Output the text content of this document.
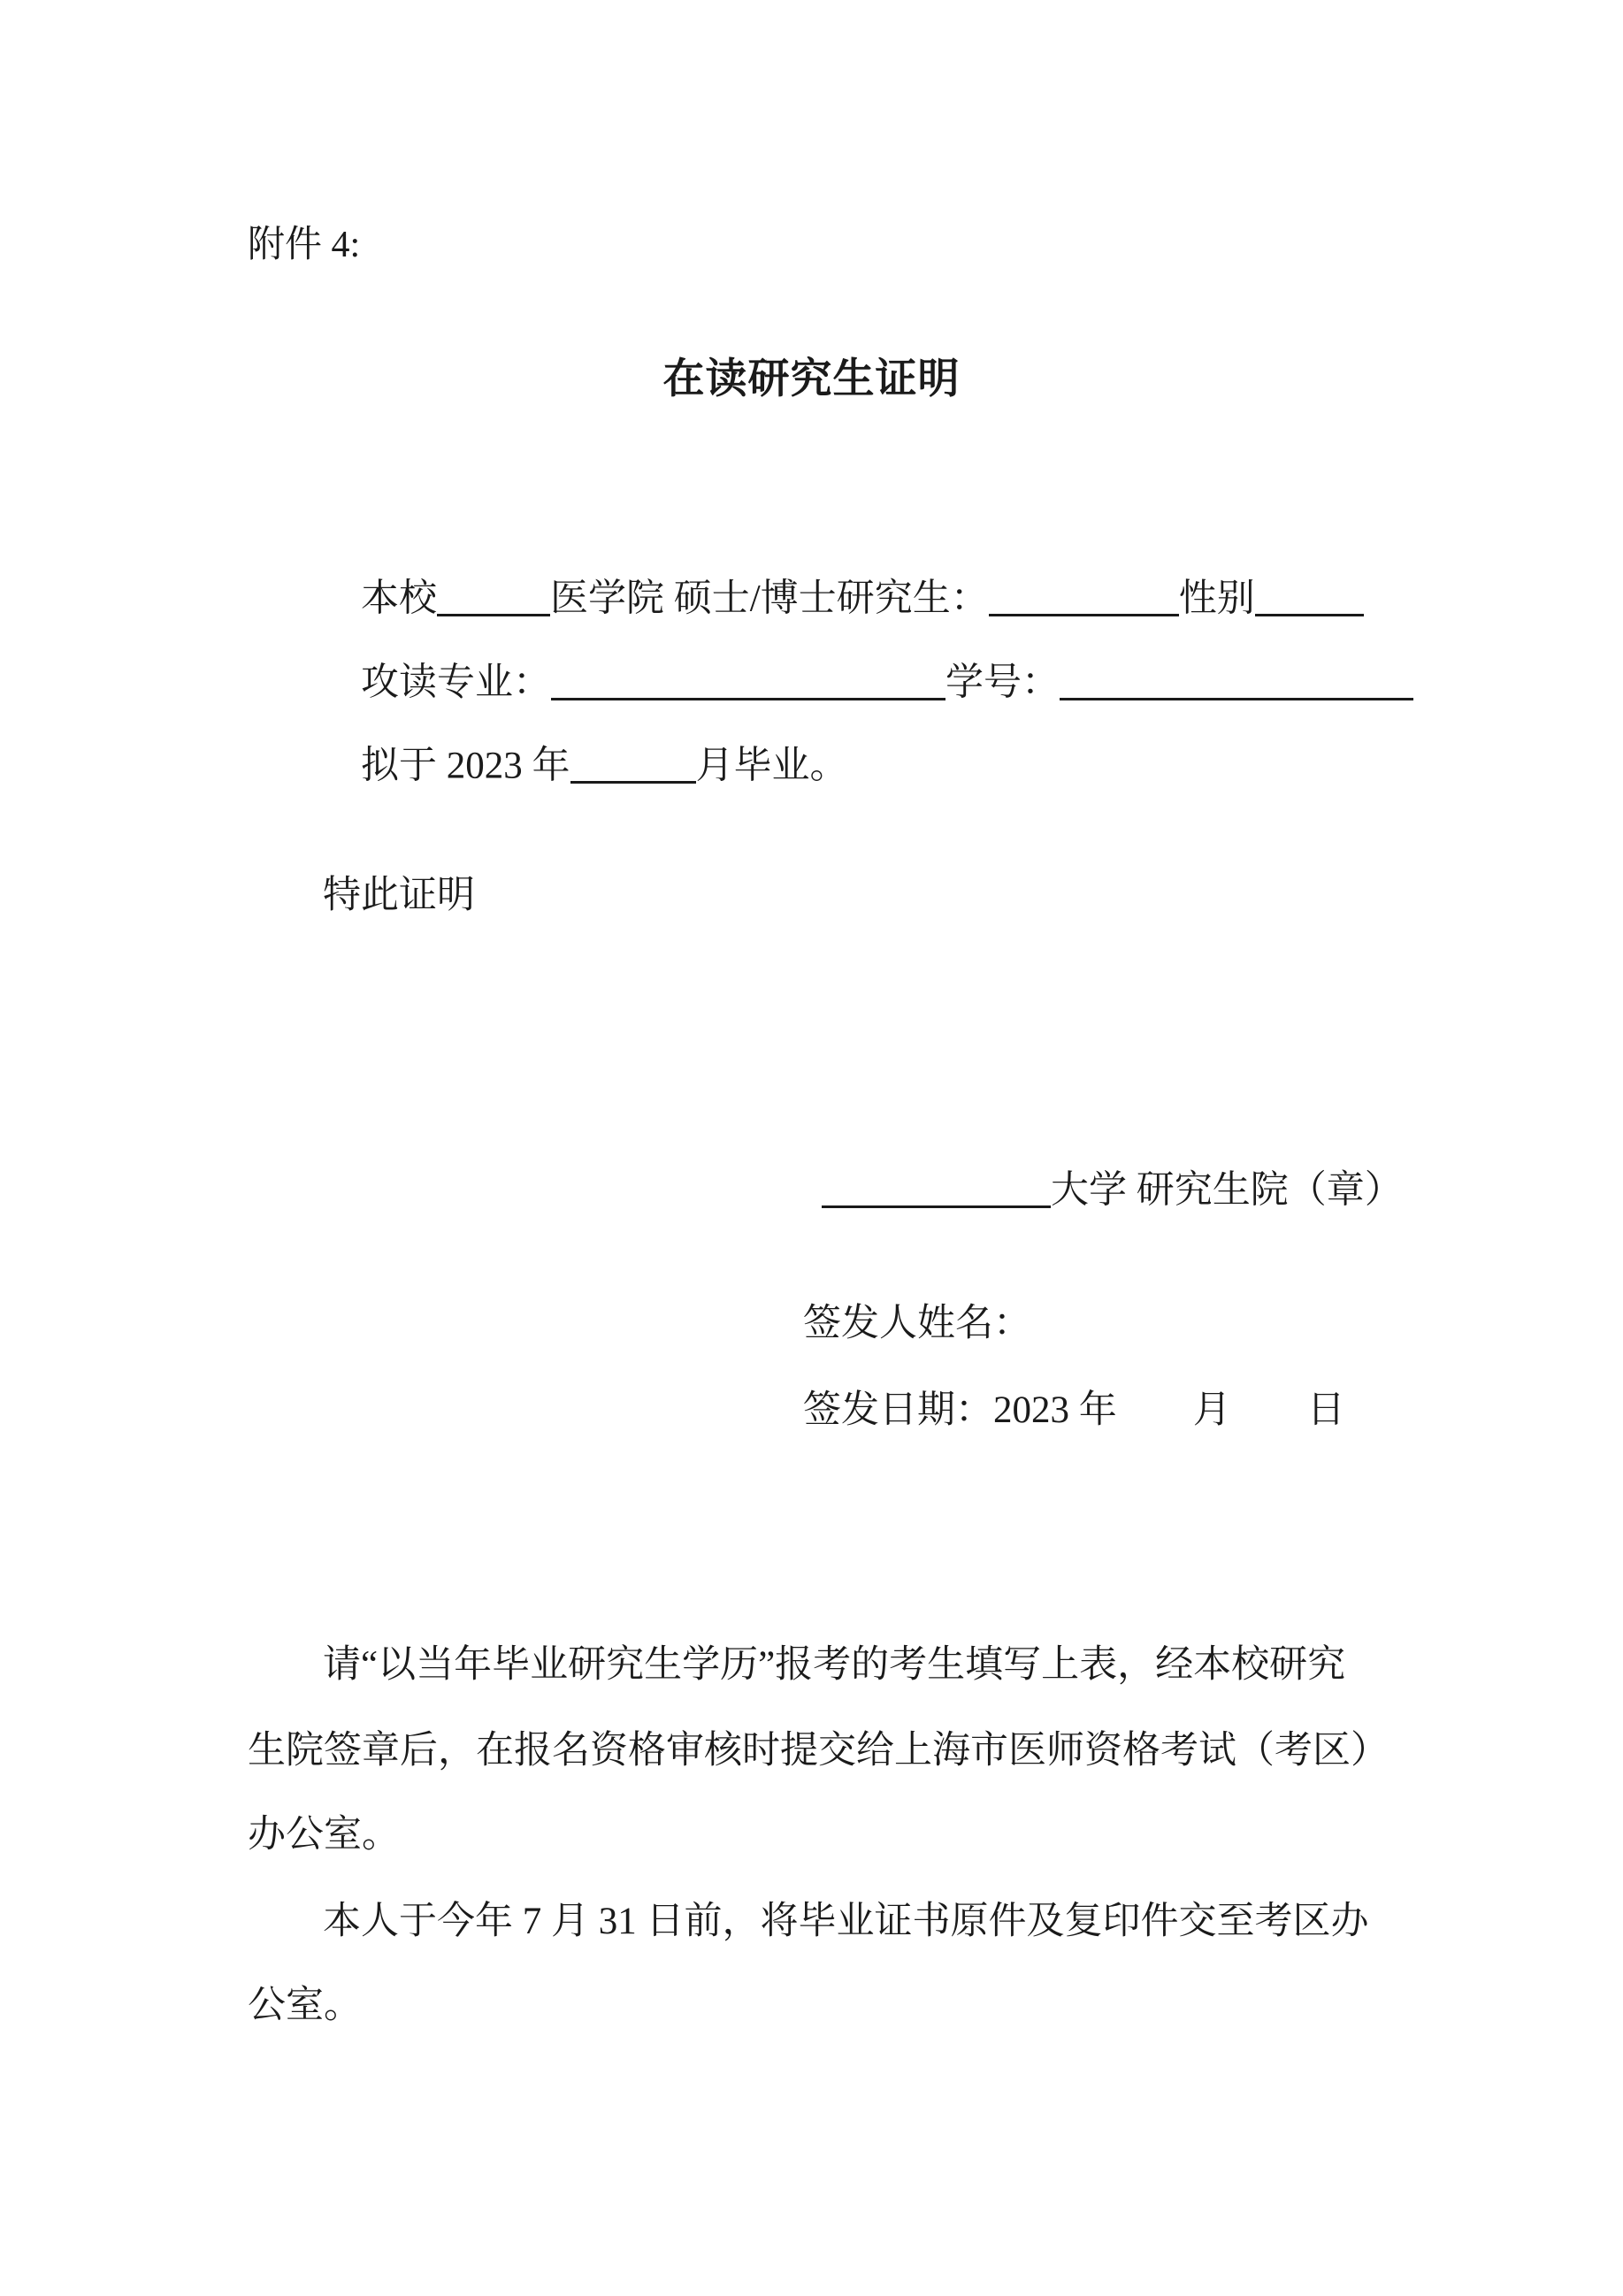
附件 4:
在读研究生证明

本校	医学院 硕士/博士研究生：	性别

攻读专业：	学号：

拟于 2023 年	月毕业。

特此证明

大学 研究生院（章）

签发人姓名：
签发日期：2023 年　　月　　日
请“以当年毕业研究生学历”报考的考生填写上表，经本校研究
生院签章后，在报名资格审核时提交给上海市医师资格考试（考区）
办公室。
本人于今年 7 月 31 日前，将毕业证书原件及复印件交至考区办
公室。
